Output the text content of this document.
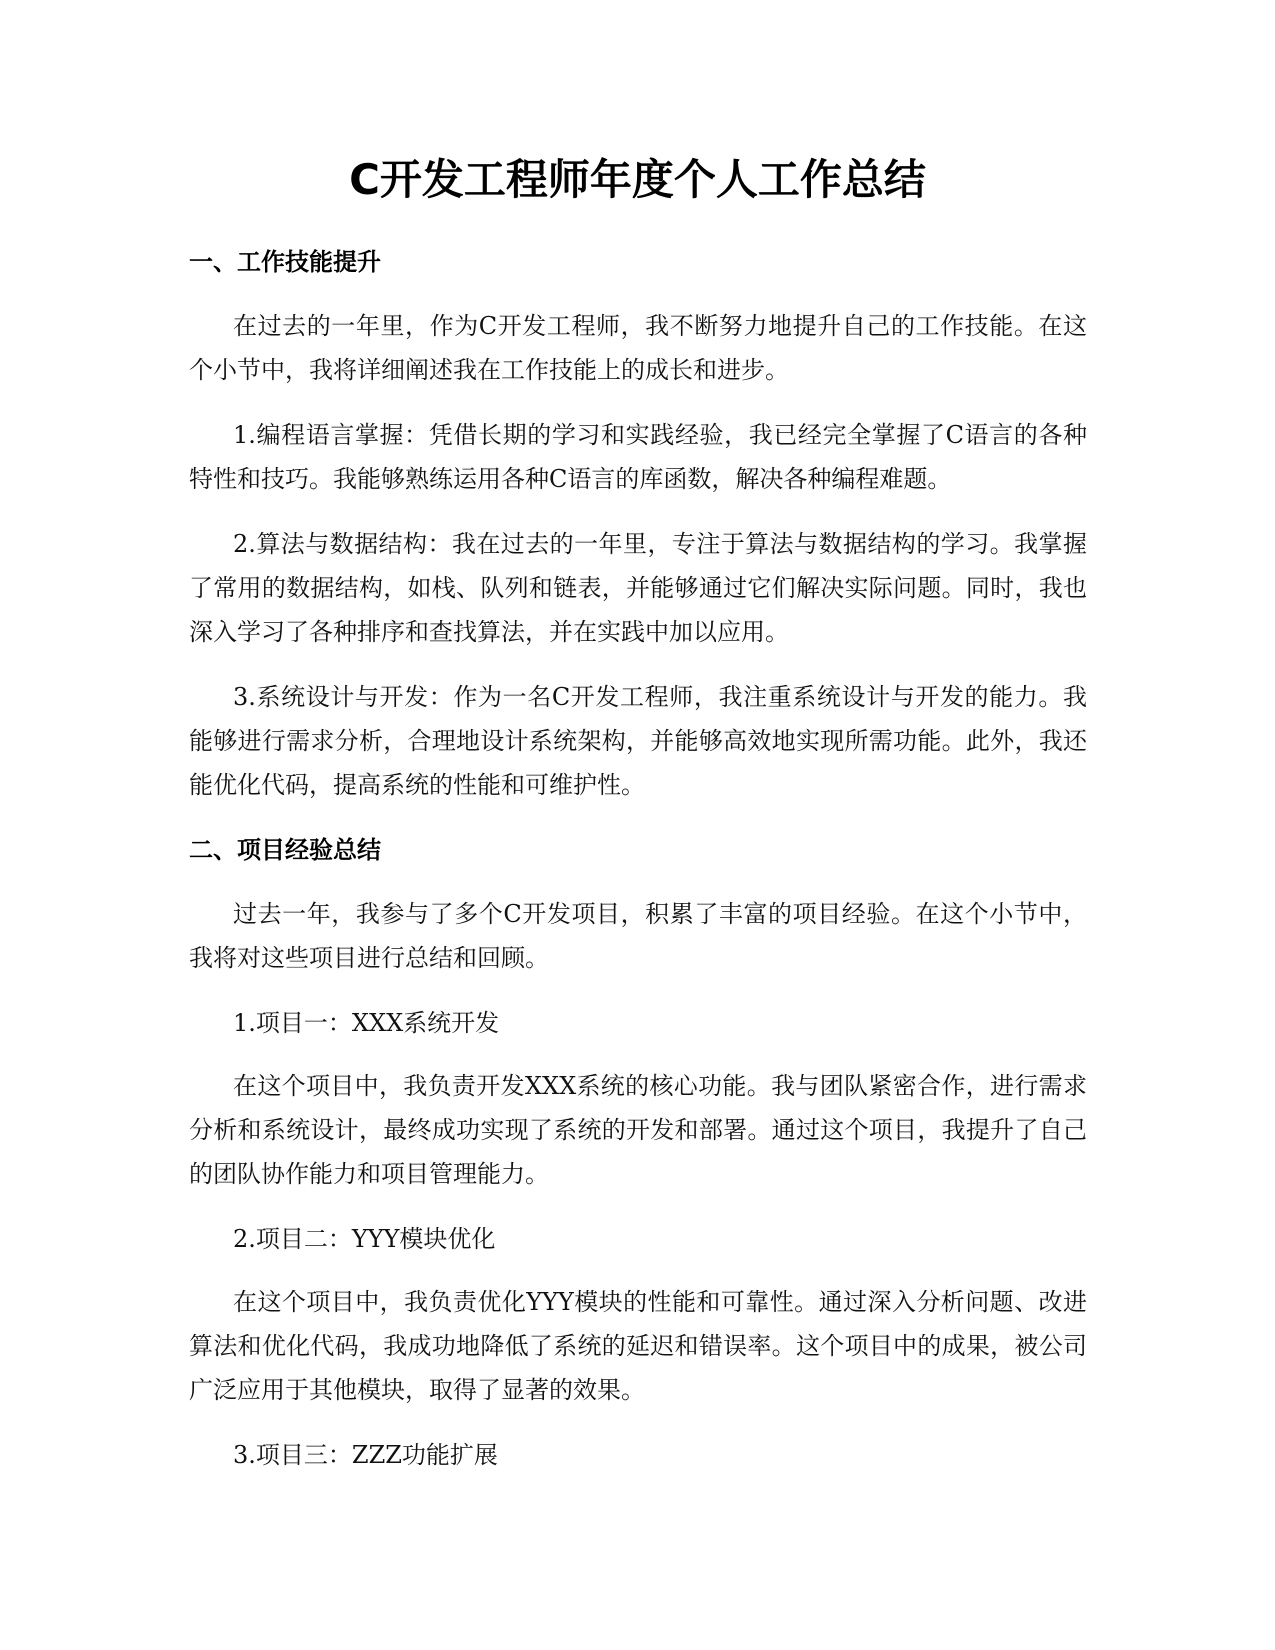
C开发工程师年度个人工作总结
一、工作技能提升

在过去的一年里，作为C开发工程师，我不断努力地提升自己的工作技能。在这个小节中，我将详细阐述我在工作技能上的成长和进步。

1.编程语言掌握：凭借长期的学习和实践经验，我已经完全掌握了C语言的各种特性和技巧。我能够熟练运用各种C语言的库函数，解决各种编程难题。

2.算法与数据结构：我在过去的一年里，专注于算法与数据结构的学习。我掌握了常用的数据结构，如栈、队列和链表，并能够通过它们解决实际问题。同时，我也深入学习了各种排序和查找算法，并在实践中加以应用。

3.系统设计与开发：作为一名C开发工程师，我注重系统设计与开发的能力。我能够进行需求分析，合理地设计系统架构，并能够高效地实现所需功能。此外，我还能优化代码，提高系统的性能和可维护性。

二、项目经验总结

过去一年，我参与了多个C开发项目，积累了丰富的项目经验。在这个小节中，我将对这些项目进行总结和回顾。

1.项目一：XXX系统开发

在这个项目中，我负责开发XXX系统的核心功能。我与团队紧密合作，进行需求分析和系统设计，最终成功实现了系统的开发和部署。通过这个项目，我提升了自己的团队协作能力和项目管理能力。

2.项目二：YYY模块优化

在这个项目中，我负责优化YYY模块的性能和可靠性。通过深入分析问题、改进算法和优化代码，我成功地降低了系统的延迟和错误率。这个项目中的成果，被公司广泛应用于其他模块，取得了显著的效果。

3.项目三：ZZZ功能扩展
